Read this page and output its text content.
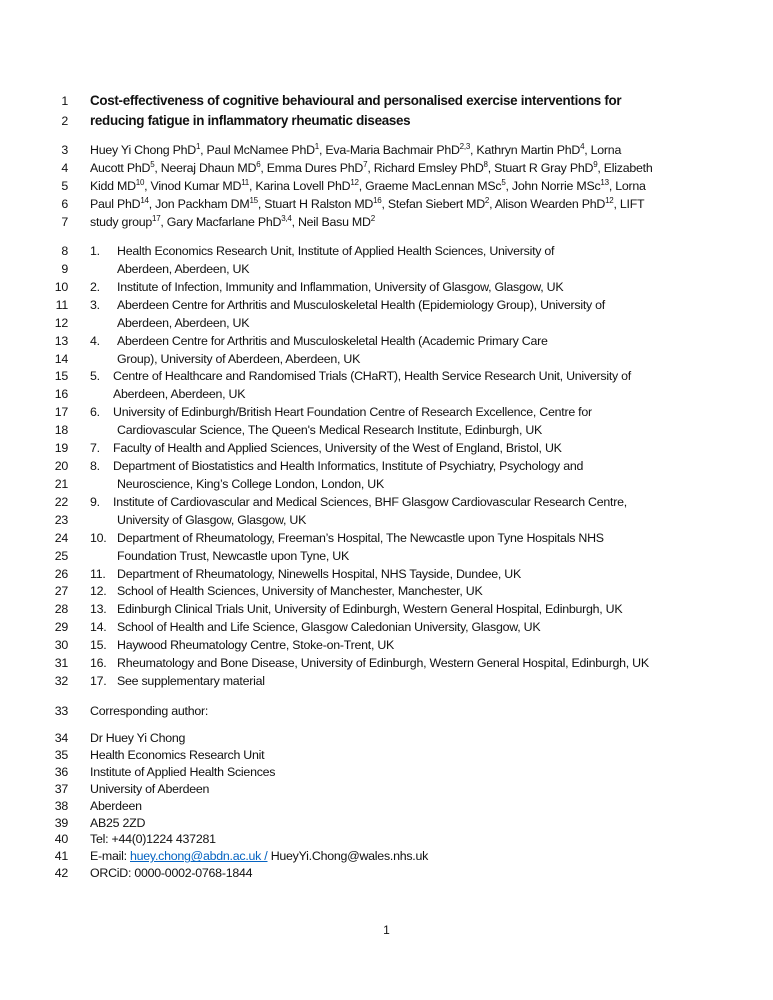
1 Cost-effectiveness of cognitive behavioural and personalised exercise interventions for
2 reducing fatigue in inflammatory rheumatic diseases
3 Huey Yi Chong PhD$^1$, Paul McNamee PhD$^1$, Eva-Maria Bachmair PhD$^{2,3}$, Kathryn Martin PhD$^4$, Lorna
4 Aucott PhD$^5$, Neeraj Dhaun $MD^6$, Emma Dures PhD$^7$, Richard Emsley PhD$^8$, Stuart R Gray PhD$^9$, Elizabeth
5 Kidd MD$^{10}$, Vinod Kumar MD$^{11}$, Karina Lovell PhD$^{12}$, Graeme MacLennan MSc$^5$, John Norrie MSc$^{13}$, Lorna
6 Paul PhD$^{14}$, Jon Packham DM$^{15}$, Stuart H Ralston MD$^{16}$, Stefan Siebert $MD^2$, Alison Wearden PhD$^{12}$, LIFT
7 study group$^{17}$, Gary Macfarlane PhD$^{3,4}$, Neil Basu $MD^2$
8 1. Health Economics Research Unit, Institute of Applied Health Sciences, University of
9	Aberdeen, Aberdeen, UK
10 2. Institute of Infection, Immunity and Inflammation, University of Glasgow, Glasgow, UK
11 3. Aberdeen Centre for Arthritis and Musculoskeletal Health (Epidemiology Group), University of
12	Aberdeen, Aberdeen, UK
13 4. Aberdeen Centre for Arthritis and Musculoskeletal Health (Academic Primary Care
14	Group), University of Aberdeen, Aberdeen, UK
15 5. Centre of Healthcare and Randomised Trials (CHaRT), Health Service Research Unit, University of
16	Aberdeen, Aberdeen, UK
17 6. University of Edinburgh/British Heart Foundation Centre of Research Excellence, Centre for
18	Cardiovascular Science, The Queen's Medical Research Institute, Edinburgh, UK
19 7. Faculty of Health and Applied Sciences, University of the West of England, Bristol, UK
20 8. Department of Biostatistics and Health Informatics, Institute of Psychiatry, Psychology and
21	Neuroscience, King’s College London, London, UK
22 9. Institute of Cardiovascular and Medical Sciences, BHF Glasgow Cardiovascular Research Centre,
23	University of Glasgow, Glasgow, UK
24 10. Department of Rheumatology, Freeman’s Hospital, The Newcastle upon Tyne Hospitals NHS
25	Foundation Trust, Newcastle upon Tyne, UK
26 11. Department of Rheumatology, Ninewells Hospital, NHS Tayside, Dundee, UK
27 12. School of Health Sciences, University of Manchester, Manchester, UK
28 13. Edinburgh Clinical Trials Unit, University of Edinburgh, Western General Hospital, Edinburgh, UK
29 14. School of Health and Life Science, Glasgow Caledonian University, Glasgow, UK
30 15. Haywood Rheumatology Centre, Stoke-on-Trent, UK
31 16. Rheumatology and Bone Disease, University of Edinburgh, Western General Hospital, Edinburgh, UK
32 17. See supplementary material
33 Corresponding author:
34 Dr Huey Yi Chong
35 Health Economics Research Unit
36 Institute of Applied Health Sciences
37 University of Aberdeen
38 Aberdeen
39 AB25 2ZD
40 Tel: +44(0)1224 437281
41 E-mail: huey.chong@abdn.ac.uk / HueyYi.Chong@wales.nhs.uk
42 ORCiD: 0000-0002-0768-1844
1
